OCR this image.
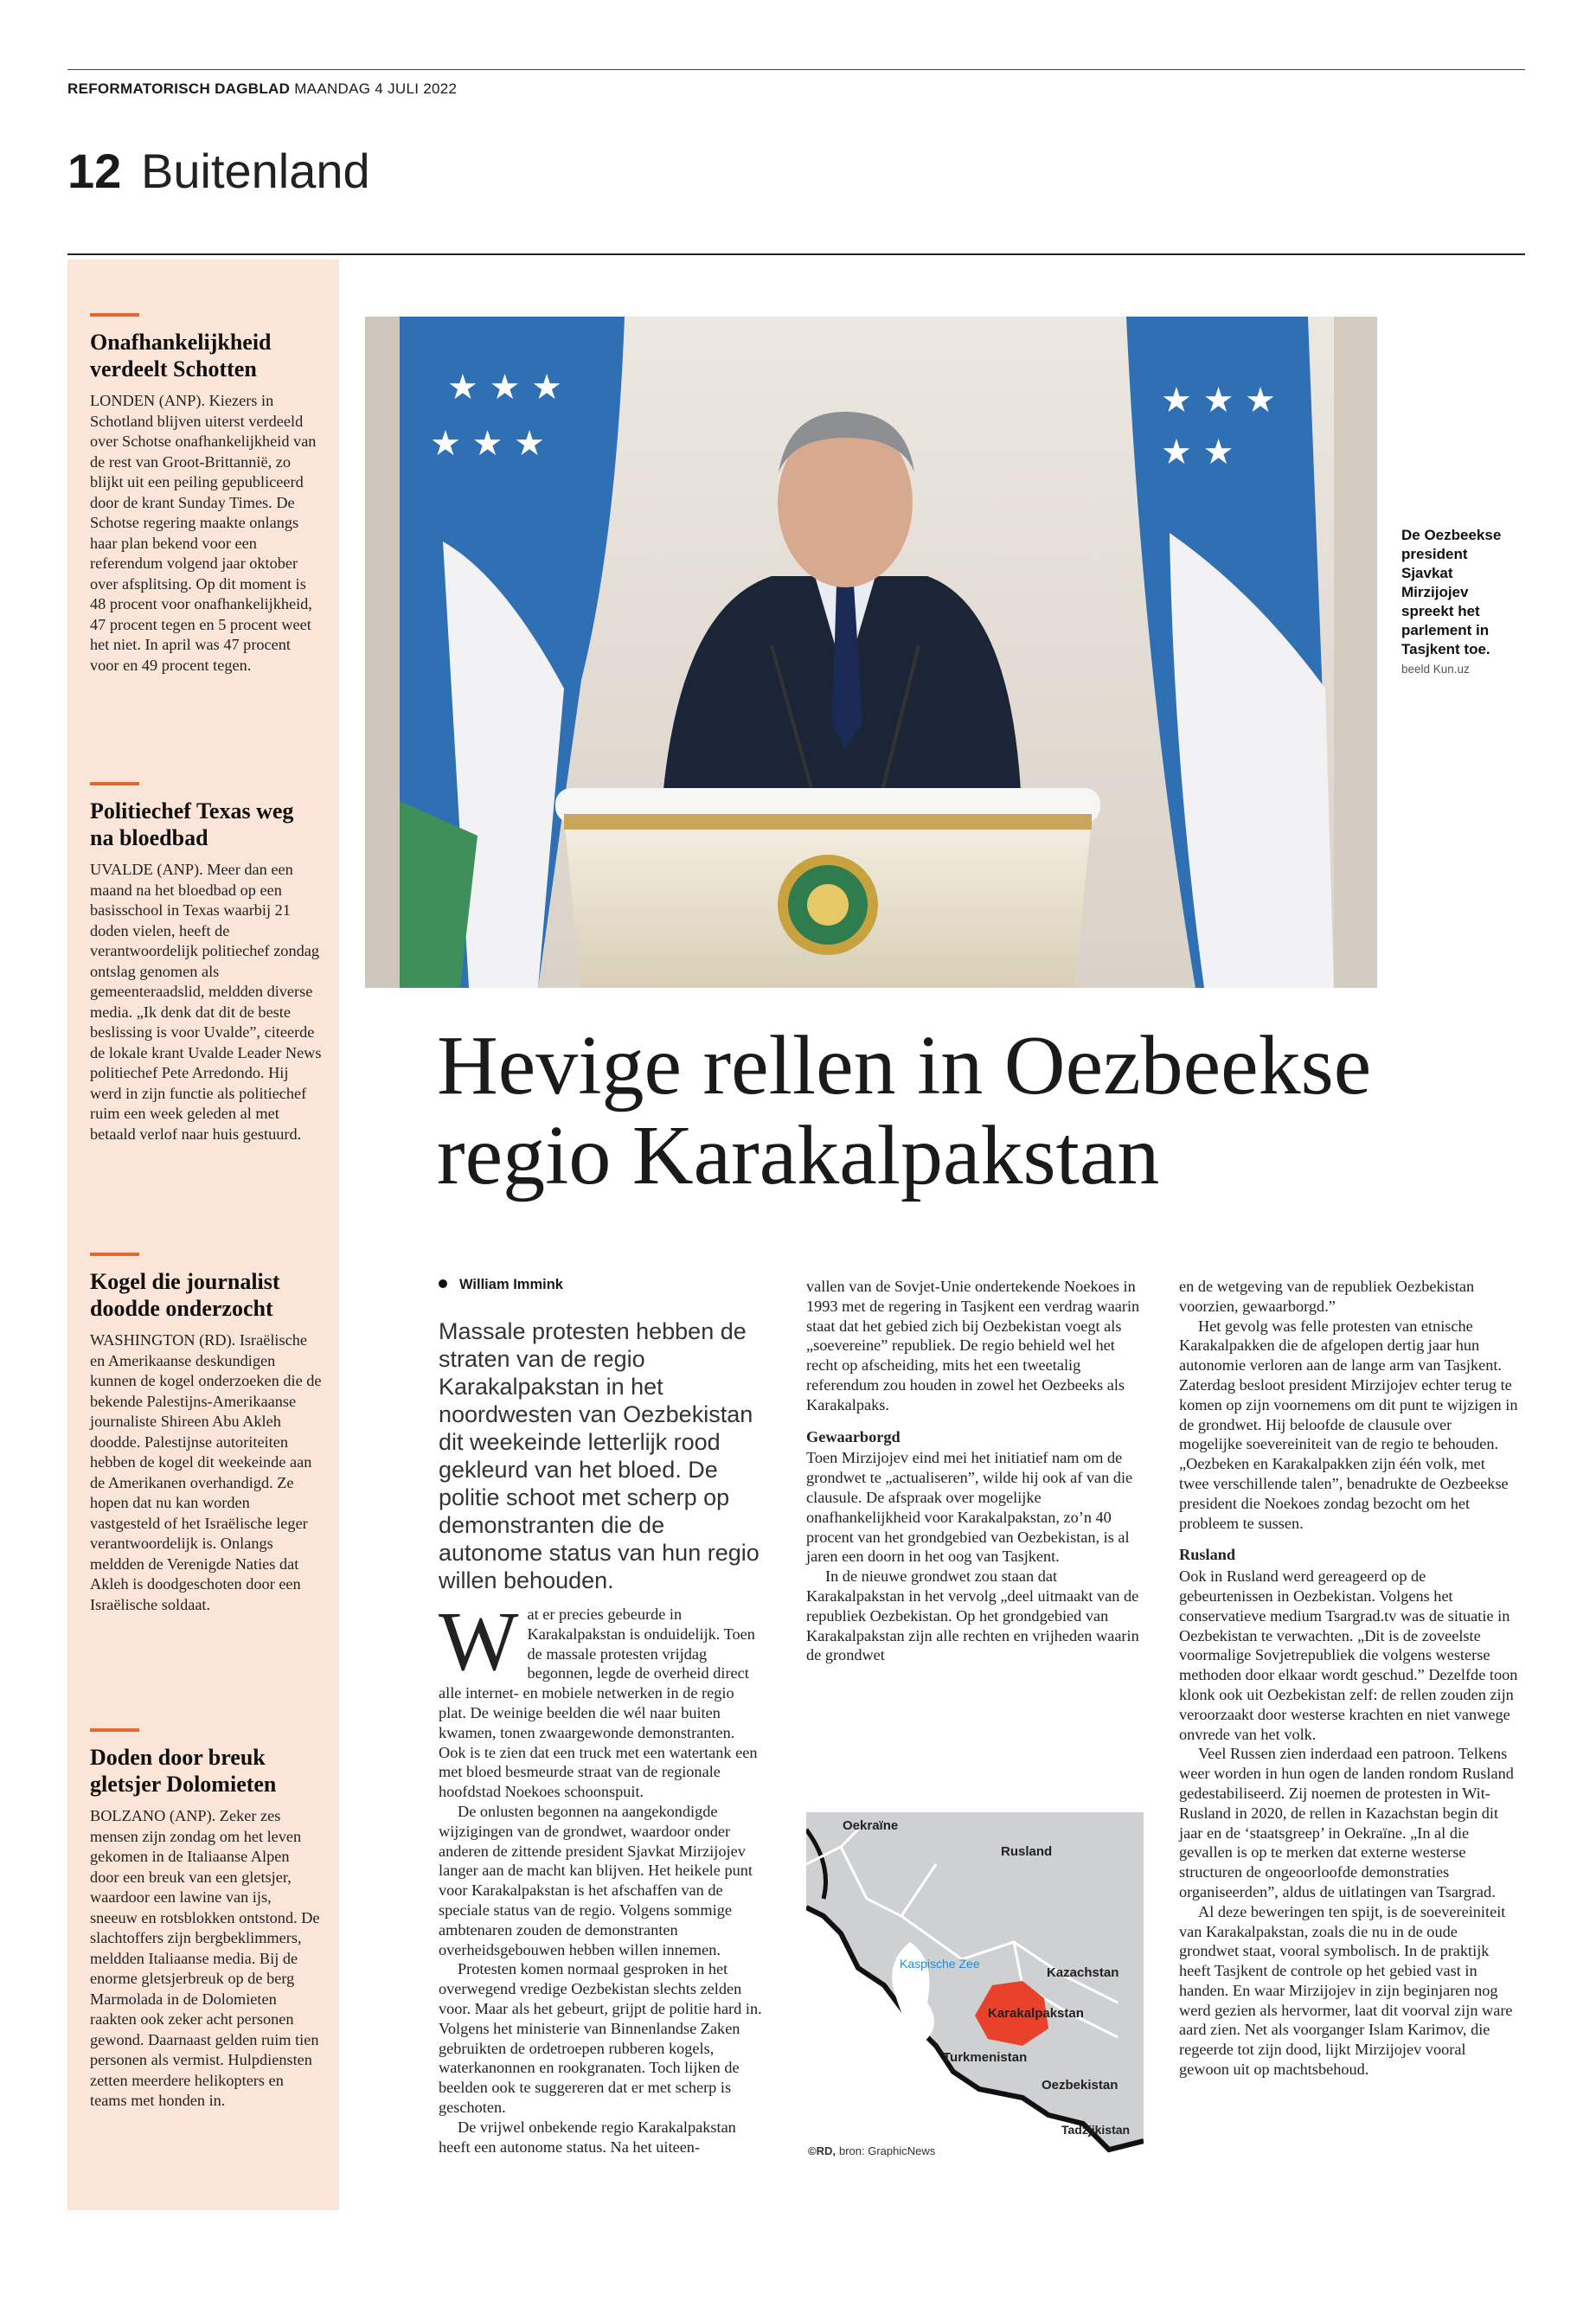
REFORMATORISCH DAGBLAD MAANDAG 4 JULI 2022
12 Buitenland
Onafhankelijkheid verdeelt Schotten

LONDEN (ANP). Kiezers in Schotland blijven uiterst verdeeld over Schotse onafhankelijkheid van de rest van Groot-Brittannië, zo blijkt uit een peiling gepubliceerd door de krant Sunday Times. De Schotse regering maakte onlangs haar plan bekend voor een referendum volgend jaar oktober over afsplitsing. Op dit moment is 48 procent voor onafhankelijkheid, 47 procent tegen en 5 procent weet het niet. In april was 47 procent voor en 49 procent tegen.

Politiechef Texas weg na bloedbad

UVALDE (ANP). Meer dan een maand na het bloedbad op een basisschool in Texas waarbij 21 doden vielen, heeft de verantwoordelijk politiechef zondag ontslag genomen als gemeenteraadslid, meldden diverse media. „Ik denk dat dit de beste beslissing is voor Uvalde”, citeerde de lokale krant Uvalde Leader News politiechef Pete Arredondo. Hij werd in zijn functie als politiechef ruim een week geleden al met betaald verlof naar huis gestuurd.

Kogel die journalist doodde onderzocht

WASHINGTON (RD). Israëlische en Amerikaanse deskundigen kunnen de kogel onderzoeken die de bekende Palestijns-Amerikaanse journaliste Shireen Abu Akleh doodde. Palestijnse autoriteiten hebben de kogel dit weekeinde aan de Amerikanen overhandigd. Ze hopen dat nu kan worden vastgesteld of het Israëlische leger verantwoordelijk is. Onlangs meldden de Verenigde Naties dat Akleh is doodgeschoten door een Israëlische soldaat.

Doden door breuk gletsjer Dolomieten

BOLZANO (ANP). Zeker zes mensen zijn zondag om het leven gekomen in de Italiaanse Alpen door een breuk van een gletsjer, waardoor een lawine van ijs, sneeuw en rotsblokken ontstond. De slachtoffers zijn bergbeklimmers, meldden Italiaanse media. Bij de enorme gletsjerbreuk op de berg Marmolada in de Dolomieten raakten ook zeker acht personen gewond. Daarnaast gelden ruim tien personen als vermist. Hulpdiensten zetten meerdere helikopters en teams met honden in.

★ ★ ★
★ ★ ★
★ ★ ★
★ ★
De Oezbeekse president Sjavkat Mirzijojev spreekt het parlement in Tasjkent toe. beeld Kun.uz
Hevige rellen in Oezbeekse regio Karakalpakstan
William Immink

Massale protesten hebben de straten van de regio Karakalpakstan in het noordwesten van Oezbekistan dit weekeinde letterlijk rood gekleurd van het bloed. De politie schoot met scherp op demonstranten die de autonome status van hun regio willen behouden.

W at er precies gebeurde in Karakalpakstan is onduidelijk. Toen de massale protesten vrijdag begonnen, legde de overheid direct alle internet- en mobiele netwerken in de regio plat. De weinige beelden die wél naar buiten kwamen, tonen zwaargewonde demonstranten. Ook is te zien dat een truck met een watertank een met bloed besmeurde straat van de regionale hoofdstad Noekoes schoonspuit.

De onlusten begonnen na aangekondigde wijzigingen van de grondwet, waardoor onder anderen de zittende president Sjavkat Mirzijojev langer aan de macht kan blijven. Het heikele punt voor Karakalpakstan is het afschaffen van de speciale status van de regio. Volgens sommige ambtenaren zouden de demonstranten overheidsgebouwen hebben willen innemen.

Protesten komen normaal gesproken in het overwegend vredige Oezbekistan slechts zelden voor. Maar als het gebeurt, grijpt de politie hard in. Volgens het ministerie van Binnenlandse Zaken gebruikten de ordetroepen rubberen kogels, waterkanonnen en rookgranaten. Toch lijken de beelden ook te suggereren dat er met scherp is geschoten.

De vrijwel onbekende regio Karakalpakstan heeft een autonome status. Na het uiteen-

vallen van de Sovjet-Unie ondertekende Noekoes in 1993 met de regering in Tasjkent een verdrag waarin staat dat het gebied zich bij Oezbekistan voegt als „soevereine” republiek. De regio behield wel het recht op afscheiding, mits het een tweetalig referendum zou houden in zowel het Oezbeeks als Karakalpaks.

Gewaarborgd

Toen Mirzijojev eind mei het initiatief nam om de grondwet te „actualiseren”, wilde hij ook af van die clausule. De afspraak over mogelijke onafhankelijkheid voor Karakalpakstan, zo’n 40 procent van het grondgebied van Oezbekistan, is al jaren een doorn in het oog van Tasjkent.

In de nieuwe grondwet zou staan dat Karakalpakstan in het vervolg „deel uitmaakt van de republiek Oezbekistan. Op het grondgebied van Karakalpakstan zijn alle rechten en vrijheden waarin de grondwet

Oekraïne
Rusland
Kaspische Zee
Kazachstan
Karakalpakstan
Turkmenistan
Oezbekistan
Tadzjikistan
©RD, bron: GraphicNews

en de wetgeving van de republiek Oezbekistan voorzien, gewaarborgd.”

Het gevolg was felle protesten van etnische Karakalpakken die de afgelopen dertig jaar hun autonomie verloren aan de lange arm van Tasjkent. Zaterdag besloot president Mirzijojev echter terug te komen op zijn voornemens om dit punt te wijzigen in de grondwet. Hij beloofde de clausule over mogelijke soevereiniteit van de regio te behouden. „Oezbeken en Karakalpakken zijn één volk, met twee verschillende talen”, benadrukte de Oezbeekse president die Noekoes zondag bezocht om het probleem te sussen.

Rusland

Ook in Rusland werd gereageerd op de gebeurtenissen in Oezbekistan. Volgens het conservatieve medium Tsargrad.tv was de situatie in Oezbekistan te verwachten. „Dit is de zoveelste voormalige Sovjetrepubliek die volgens westerse methoden door elkaar wordt geschud.” Dezelfde toon klonk ook uit Oezbekistan zelf: de rellen zouden zijn veroorzaakt door westerse krachten en niet vanwege onvrede van het volk.

Veel Russen zien inderdaad een patroon. Telkens weer worden in hun ogen de landen rondom Rusland gedestabiliseerd. Zij noemen de protesten in Wit-Rusland in 2020, de rellen in Kazachstan begin dit jaar en de ‘staatsgreep’ in Oekraïne. „In al die gevallen is op te merken dat externe westerse structuren de ongeoorloofde demonstraties organiseerden”, aldus de uitlatingen van Tsargrad.

Al deze beweringen ten spijt, is de soevereiniteit van Karakalpakstan, zoals die nu in de oude grondwet staat, vooral symbolisch. In de praktijk heeft Tasjkent de controle op het gebied vast in handen. En waar Mirzijojev in zijn beginjaren nog werd gezien als hervormer, laat dit voorval zijn ware aard zien. Net als voorganger Islam Karimov, die regeerde tot zijn dood, lijkt Mirzijojev vooral gewoon uit op machtsbehoud.
